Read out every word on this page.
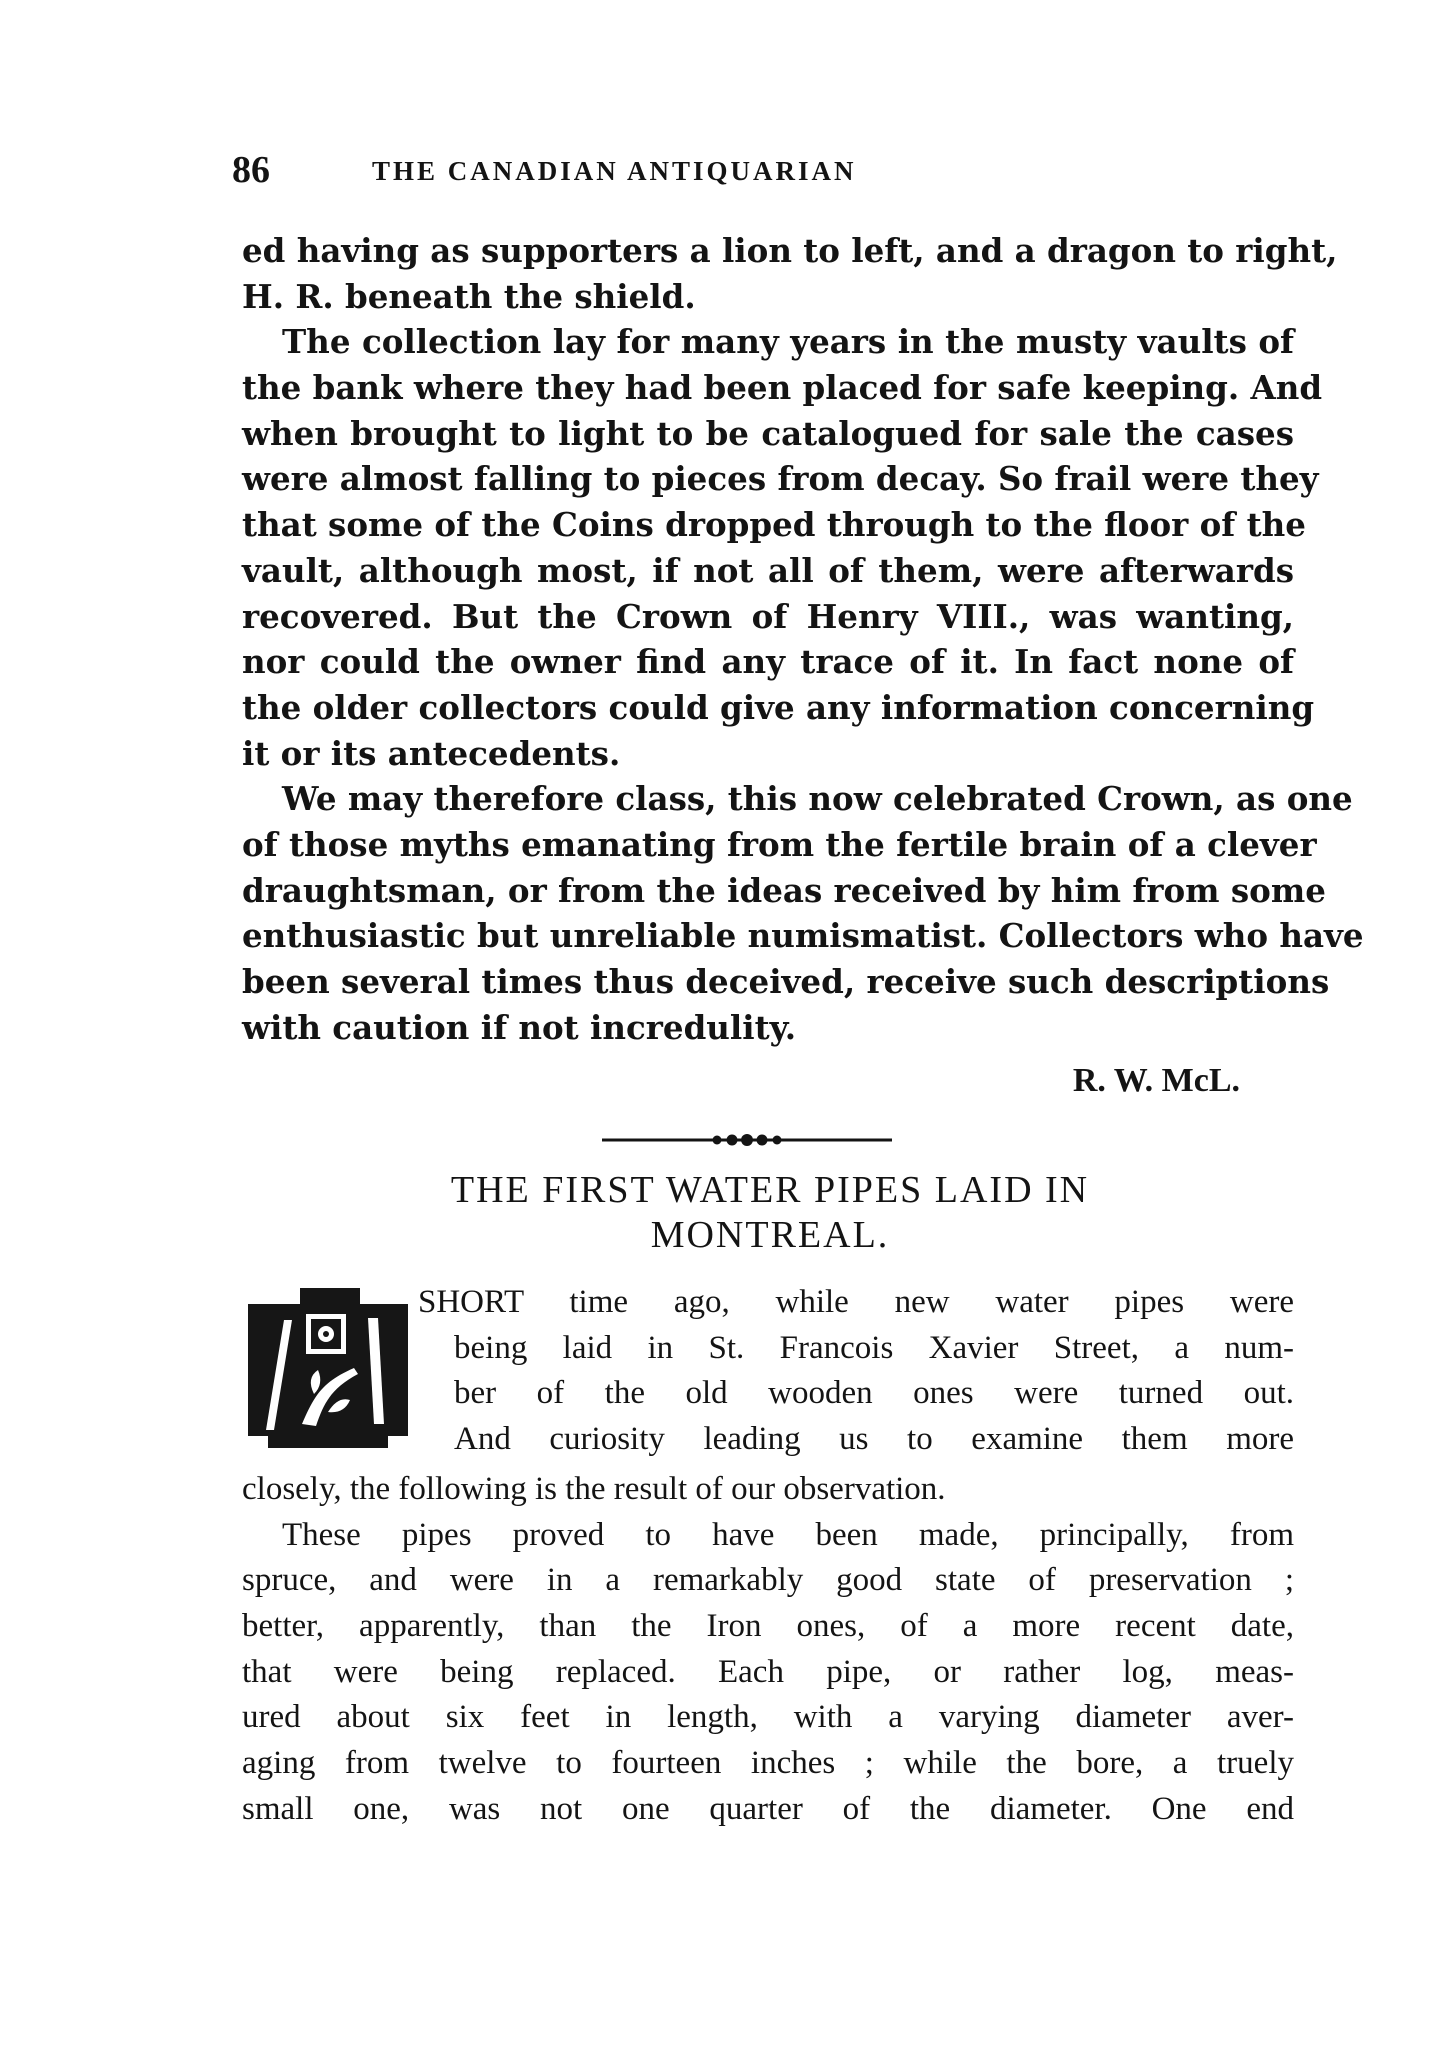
86	THE CANADIAN ANTIQUARIAN
ed having as supporters a lion to left, and a dragon to right,
H. R. beneath the shield.
The collection lay for many years in the musty vaults of
the bank where they had been placed for safe keeping. And
when brought to light to be catalogued for sale the cases
were almost falling to pieces from decay. So frail were they
that some of the Coins dropped through to the floor of the
vault, although most, if not all of them, were afterwards
recovered. But the Crown of Henry VIII., was wanting,
nor could the owner find any trace of it. In fact none of
the older collectors could give any information concerning
it or its antecedents.
We may therefore class, this now celebrated Crown, as one
of those myths emanating from the fertile brain of a clever
draughtsman, or from the ideas received by him from some
enthusiastic but unreliable numismatist. Collectors who have
been several times thus deceived, receive such descriptions
with caution if not incredulity.
R. W. McL.
THE FIRST WATER PIPES LAID IN
MONTREAL.
SHORT time ago, while new water pipes were
being laid in St. Francois Xavier Street, a num-
ber of the old wooden ones were turned out.
And curiosity leading us to examine them more
closely, the following is the result of our observation.
These pipes proved to have been made, principally, from
spruce, and were in a remarkably good state of preservation ;
better, apparently, than the Iron ones, of a more recent date,
that were being replaced. Each pipe, or rather log, meas-
ured about six feet in length, with a varying diameter aver-
aging from twelve to fourteen inches ; while the bore, a truely
small one, was not one quarter of the diameter. One end
